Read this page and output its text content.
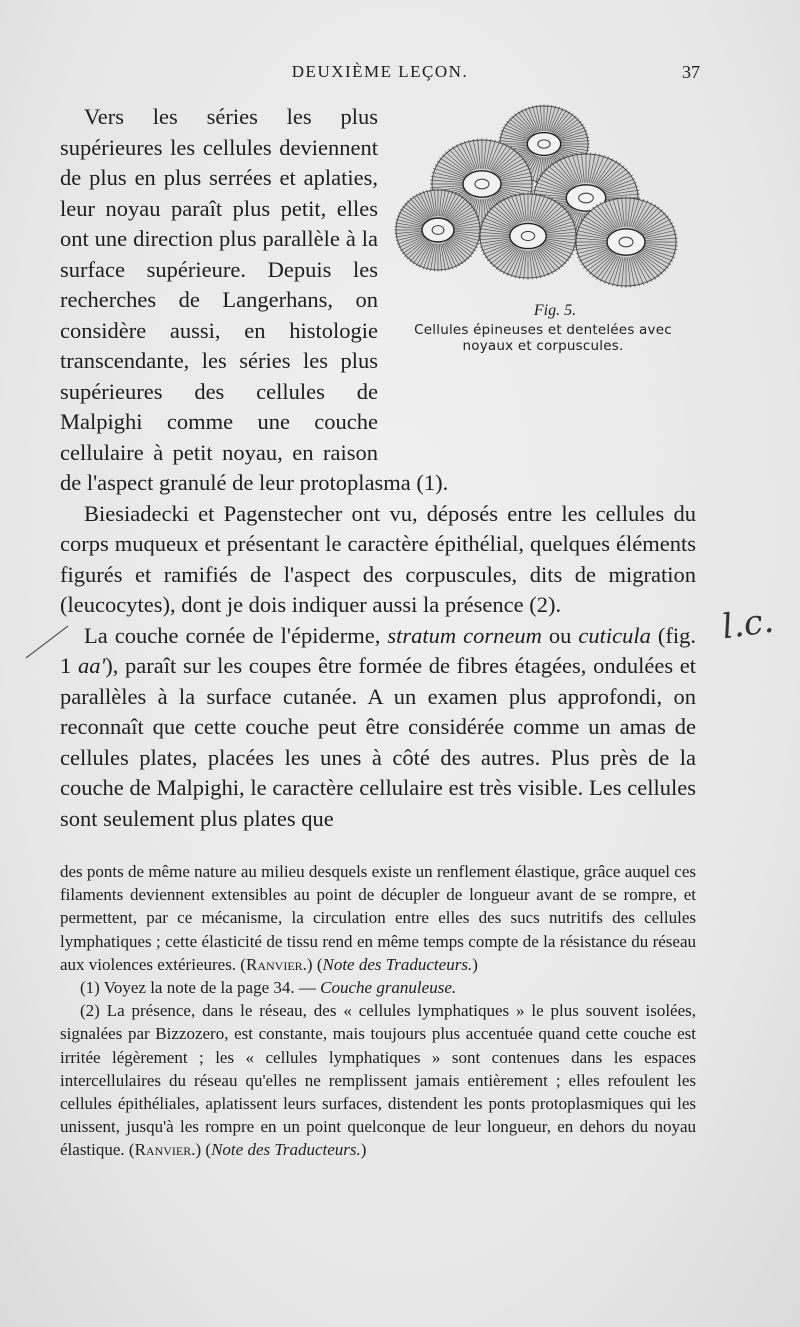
DEUXIÈME LEÇON.	37
Fig. 5.
Cellules épineuses et dentelées avec noyaux et corpuscules.

Vers les séries les plus supérieures les cellules deviennent de plus en plus serrées et aplaties, leur noyau paraît plus petit, elles ont une direction plus parallèle à la surface supérieure. Depuis les recherches de Langerhans, on considère aussi, en histologie transcendante, les séries les plus supérieures des cellules de Malpighi comme une couche cellulaire à petit noyau, en raison de l'aspect granulé de leur protoplasma (1).

Biesiadecki et Pagenstecher ont vu, déposés entre les cellules du corps muqueux et présentant le caractère épithélial, quelques éléments figurés et ramifiés de l'aspect des corpuscules, dits de migration (leucocytes), dont je dois indiquer aussi la présence (2).

La couche cornée de l'épiderme, stratum corneum ou cuticula (fig. 1 aa'), paraît sur les coupes être formée de fibres étagées, ondulées et parallèles à la surface cutanée. A un examen plus approfondi, on reconnaît que cette couche peut être considérée comme un amas de cellules plates, placées les unes à côté des autres. Plus près de la couche de Malpighi, le caractère cellulaire est très visible. Les cellules sont seulement plus plates que

des ponts de même nature au milieu desquels existe un renflement élastique, grâce auquel ces filaments deviennent extensibles au point de décupler de longueur avant de se rompre, et permettent, par ce mécanisme, la circulation entre elles des sucs nutritifs des cellules lymphatiques ; cette élasticité de tissu rend en même temps compte de la résistance du réseau aux violences extérieures. (Ranvier.) (Note des Traducteurs.)

(1) Voyez la note de la page 34. — Couche granuleuse.

(2) La présence, dans le réseau, des « cellules lymphatiques » le plus souvent isolées, signalées par Bizzozero, est constante, mais toujours plus accentuée quand cette couche est irritée légèrement ; les « cellules lymphatiques » sont contenues dans les espaces intercellulaires du réseau qu'elles ne remplissent jamais entièrement ; elles refoulent les cellules épithéliales, aplatissent leurs surfaces, distendent les ponts protoplasmiques qui les unissent, jusqu'à les rompre en un point quelconque de leur longueur, en dehors du noyau élastique. (Ranvier.) (Note des Traducteurs.)

l.c.
